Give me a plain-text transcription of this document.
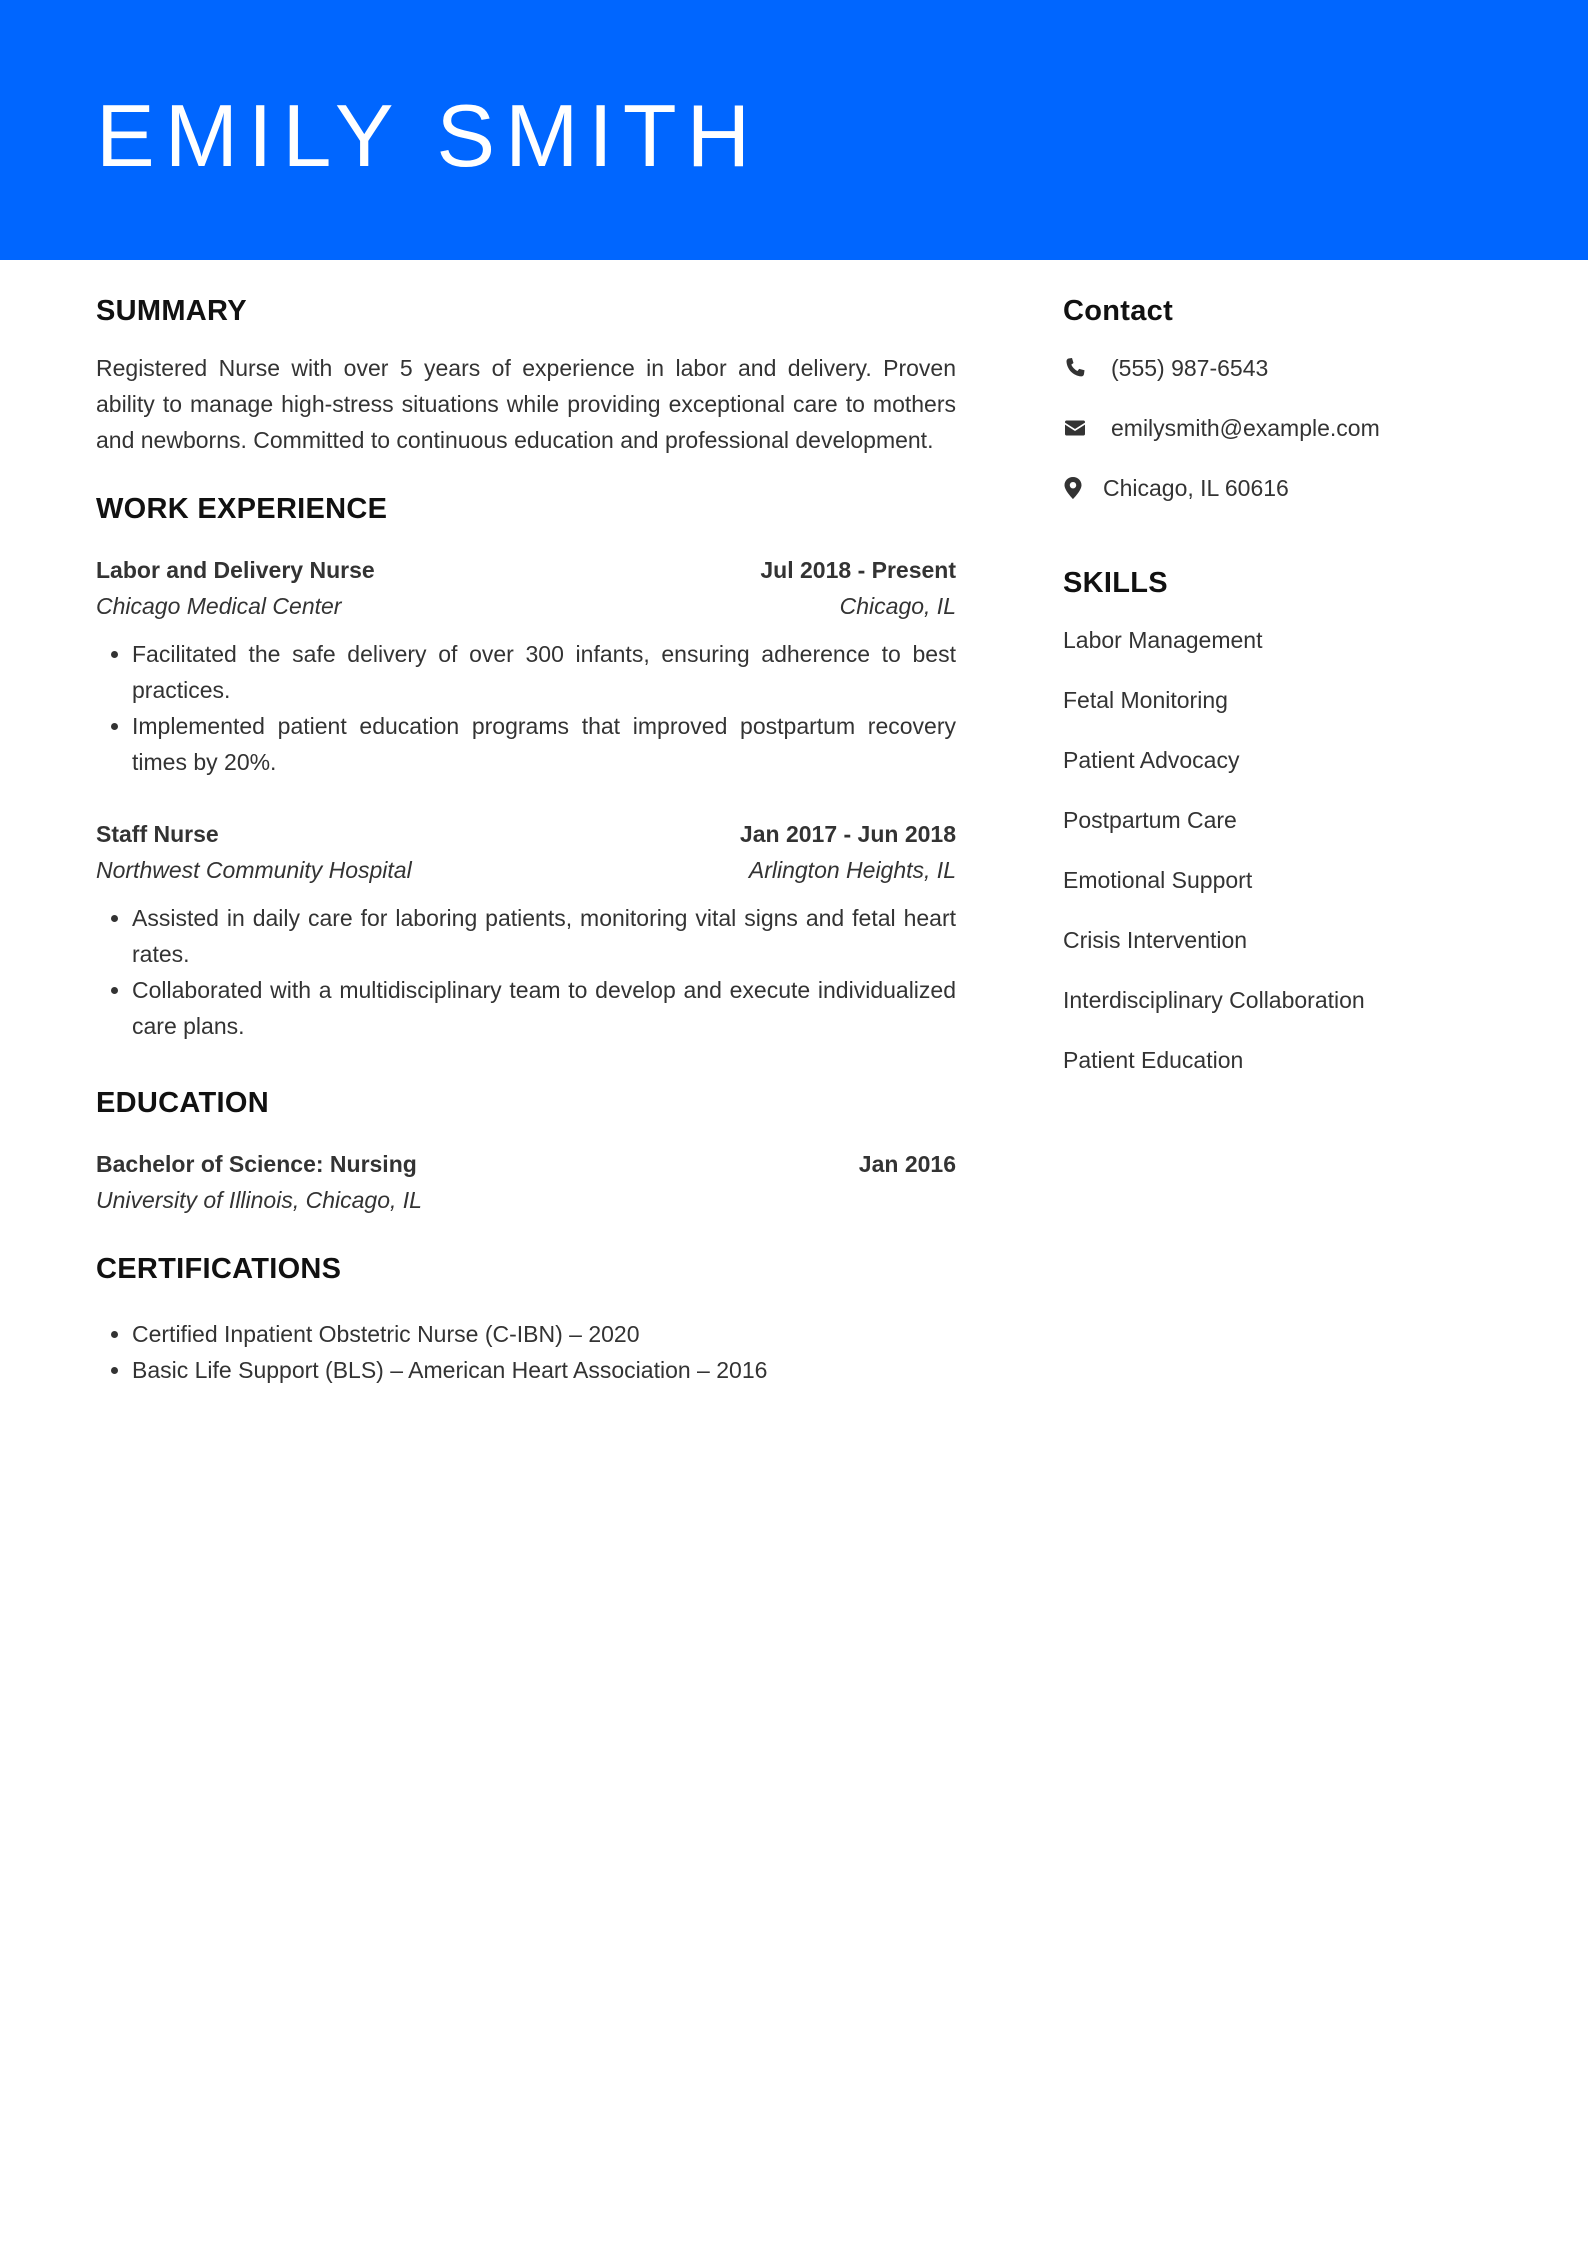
EMILY SMITH
SUMMARY

Registered Nurse with over 5 years of experience in labor and delivery. Proven ability to manage high-stress situations while providing exceptional care to mothers and newborns. Committed to continuous education and professional development.

WORK EXPERIENCE
Labor and Delivery Nurse	Jul 2018 - Present
Chicago Medical Center	Chicago, IL
• Facilitated the safe delivery of over 300 infants, ensuring adherence to best practices.
• Implemented patient education programs that improved postpartum recovery times by 20%.
Staff Nurse	Jan 2017 - Jun 2018
Northwest Community Hospital	Arlington Heights, IL
• Assisted in daily care for laboring patients, monitoring vital signs and fetal heart rates.
• Collaborated with a multidisciplinary team to develop and execute individualized care plans.
EDUCATION
Bachelor of Science: Nursing	Jan 2016
University of Illinois, Chicago, IL
CERTIFICATIONS
• Certified Inpatient Obstetric Nurse (C-IBN) – 2020
• Basic Life Support (BLS) – American Heart Association – 2016
Contact
(555) 987-6543
emilysmith@example.com
Chicago, IL 60616
SKILLS
Labor Management
Fetal Monitoring
Patient Advocacy
Postpartum Care
Emotional Support
Crisis Intervention
Interdisciplinary Collaboration
Patient Education
